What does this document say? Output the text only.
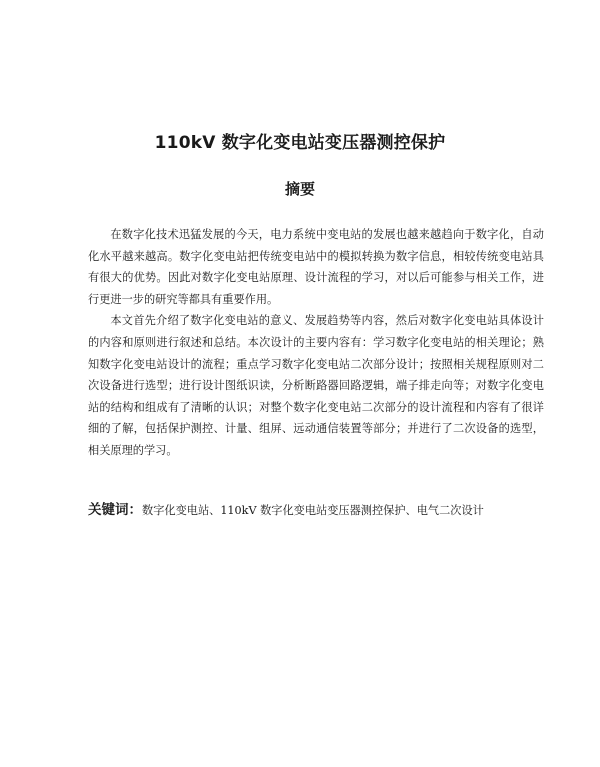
110kV 数字化变电站变压器测控保护
摘要

在数字化技术迅猛发展的今天，电力系统中变电站的发展也越来越趋向于数字化，自动化水平越来越高。数字化变电站把传统变电站中的模拟转换为数字信息，相较传统变电站具有很大的优势。因此对数字化变电站原理、设计流程的学习，对以后可能参与相关工作，进行更进一步的研究等都具有重要作用。

本文首先介绍了数字化变电站的意义、发展趋势等内容，然后对数字化变电站具体设计的内容和原则进行叙述和总结。本次设计的主要内容有：学习数字化变电站的相关理论；熟知数字化变电站设计的流程；重点学习数字化变电站二次部分设计；按照相关规程原则对二次设备进行选型；进行设计图纸识读，分析断路器回路逻辑，端子排走向等；对数字化变电站的结构和组成有了清晰的认识；对整个数字化变电站二次部分的设计流程和内容有了很详细的了解，包括保护测控、计量、组屏、远动通信装置等部分；并进行了二次设备的选型，相关原理的学习。

关键词：数字化变电站、110kV 数字化变电站变压器测控保护、电气二次设计
